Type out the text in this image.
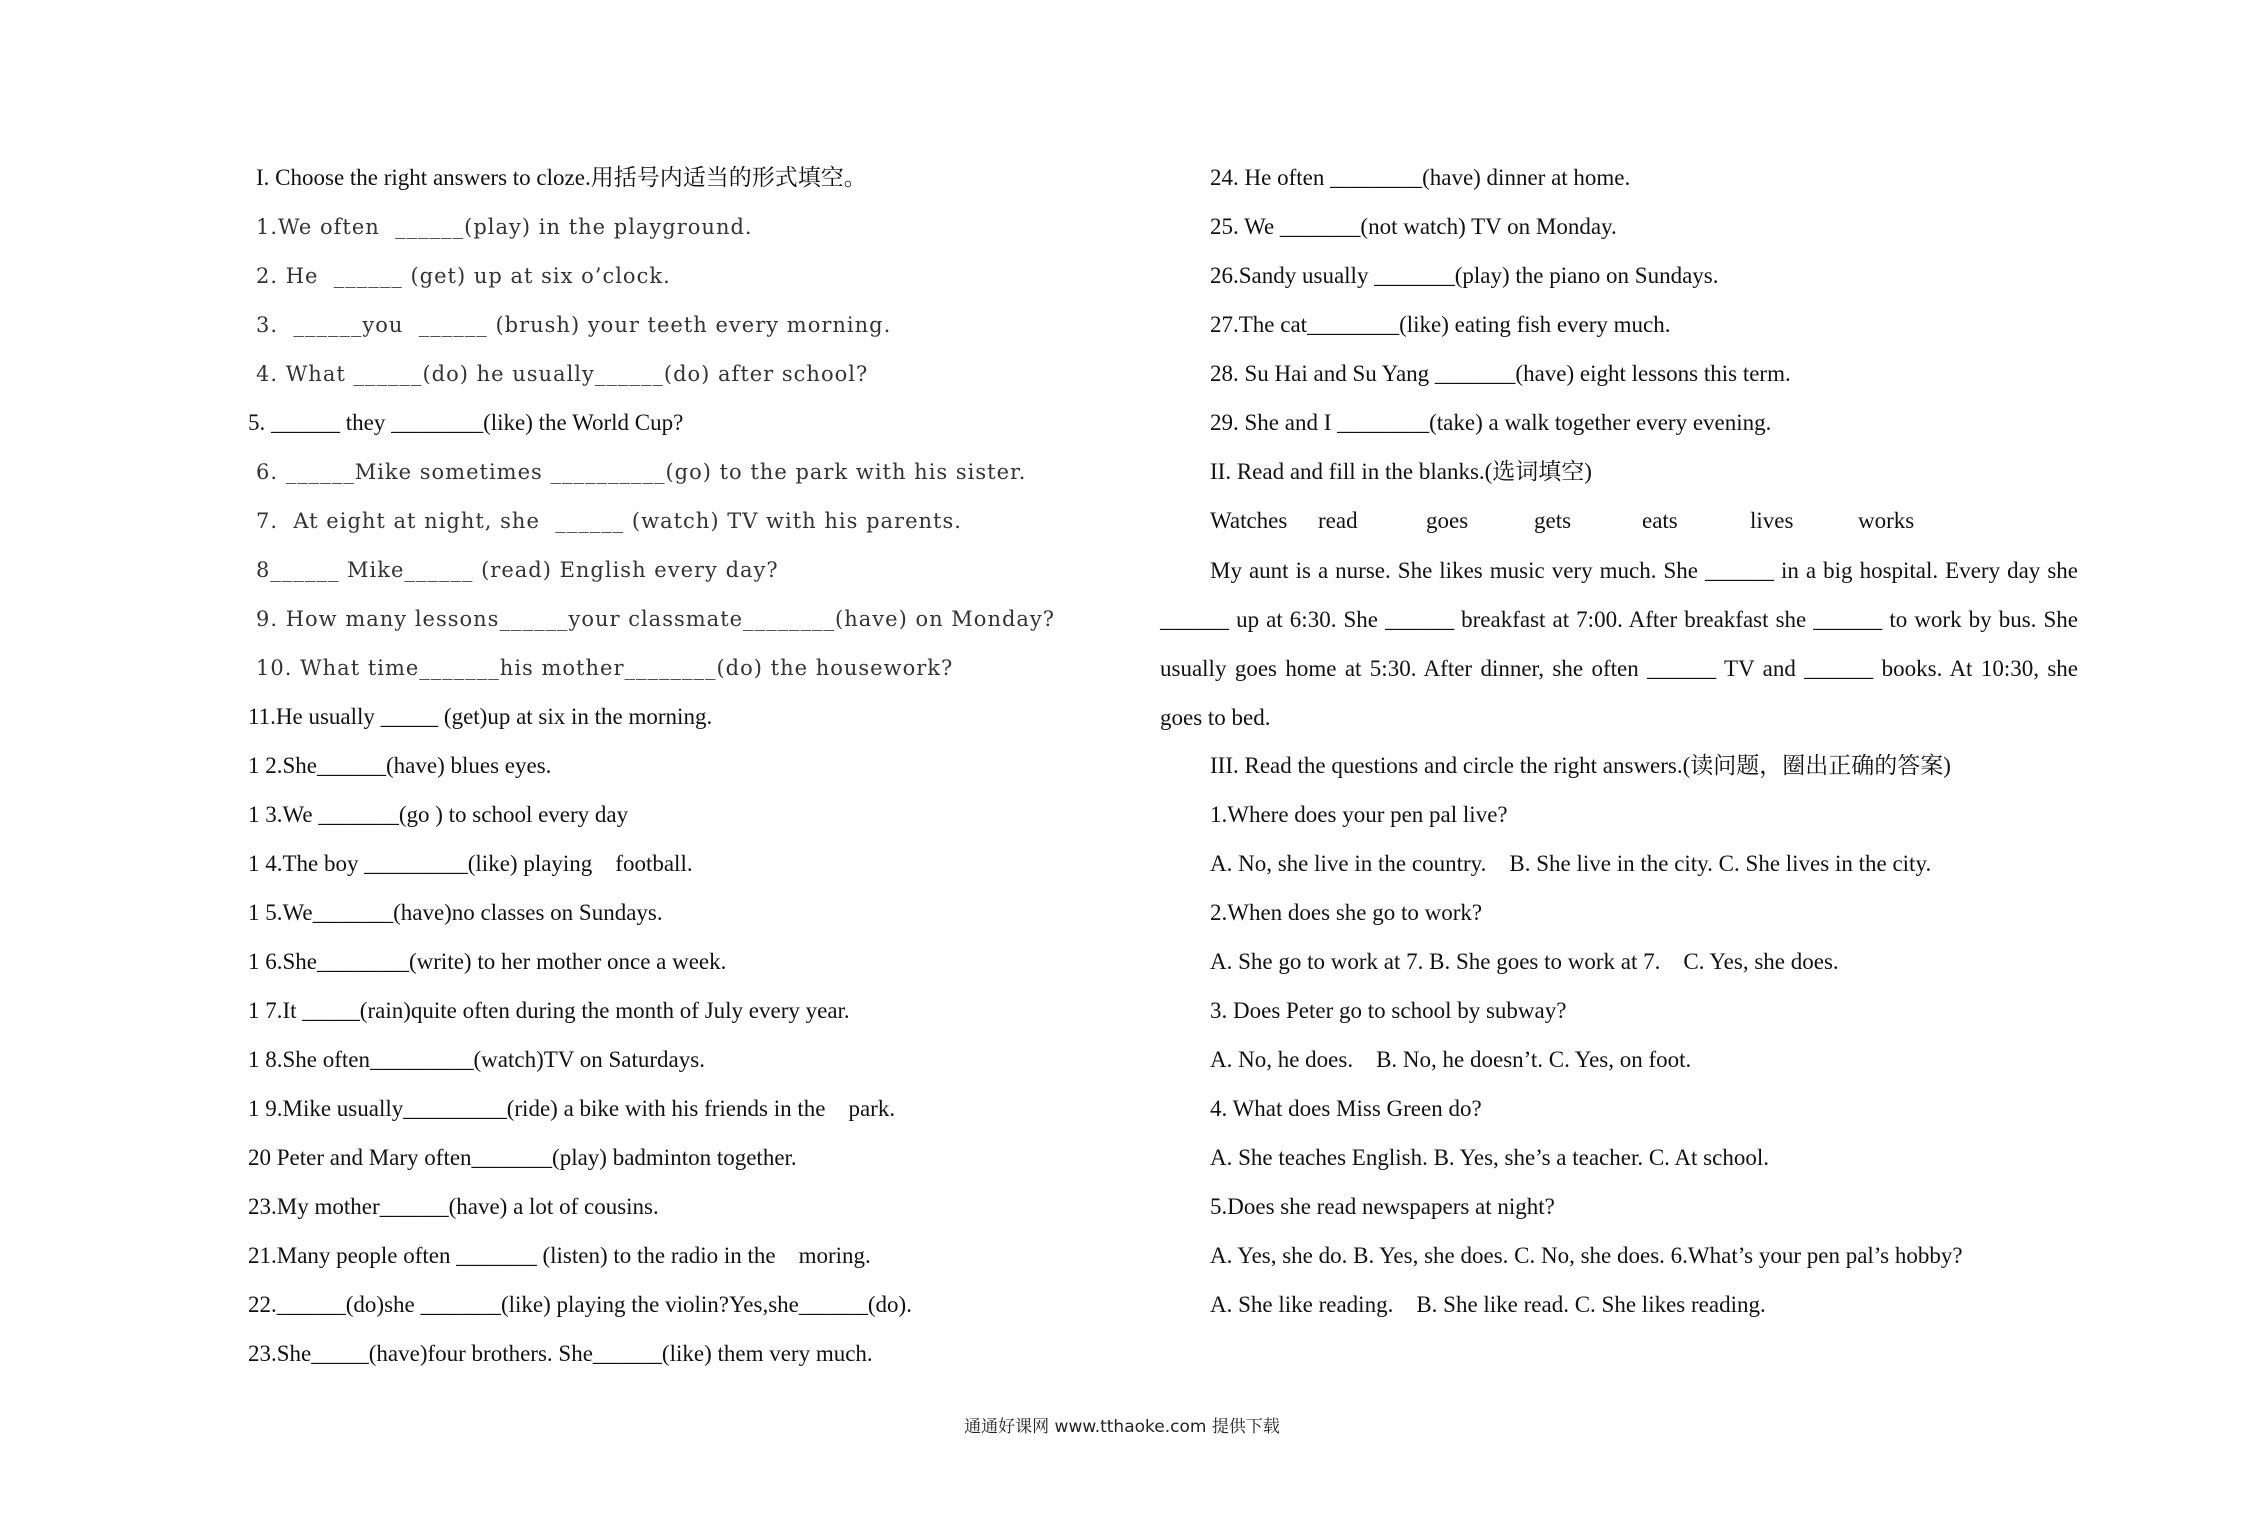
I. Choose the right answers to cloze.用括号内适当的形式填空。
1.We often  ______(play) in the playground.
2. He  ______ (get) up at six o’clock.
3.  ______you  ______ (brush) your teeth every morning.
4. What ______(do) he usually______(do) after school?
5. ______ they ________(like) the World Cup?
6. ______Mike sometimes __________(go) to the park with his sister.
7.  At eight at night, she  ______ (watch) TV with his parents.
8______ Mike______ (read) English every day?
9. How many lessons______your classmate________(have) on Monday?
10. What time_______his mother________(do) the housework?
11.He usually _____ (get)up at six in the morning.
1 2.She______(have) blues eyes.
1 3.We _______(go ) to school every day
1 4.The boy _________(like) playing    football.
1 5.We_______(have)no classes on Sundays.
1 6.She________(write) to her mother once a week.
1 7.It _____(rain)quite often during the month of July every year.
1 8.She often_________(watch)TV on Saturdays.
1 9.Mike usually_________(ride) a bike with his friends in the    park.
20 Peter and Mary often_______(play) badminton together.
23.My mother______(have) a lot of cousins.
21.Many people often _______ (listen) to the radio in the    moring.
22.______(do)she _______(like) playing the violin?Yes,she______(do).
23.She_____(have)four brothers. She______(like) them very much.
24. He often ________(have) dinner at home.
25. We _______(not watch) TV on Monday.
26.Sandy usually _______(play) the piano on Sundays.
27.The cat________(like) eating fish every much.
28. Su Hai and Su Yang _______(have) eight lessons this term.
29. She and I ________(take) a walk together every evening.
II. Read and fill in the blanks.(选词填空)
Watches	read	goes	gets	eats	lives	works
My aunt is a nurse. She likes music very much. She ______ in a big hospital. Every day she ______ up at 6:30. She ______ breakfast at 7:00. After breakfast she ______ to work by bus. She usually goes home at 5:30. After dinner, she often ______ TV and ______ books. At 10:30, she goes to bed.
III. Read the questions and circle the right answers.(读问题，圈出正确的答案)
1.Where does your pen pal live?
A. No, she live in the country.    B. She live in the city. C. She lives in the city.
2.When does she go to work?
A. She go to work at 7. B. She goes to work at 7.    C. Yes, she does.
3. Does Peter go to school by subway?
A. No, he does.    B. No, he doesn’t. C. Yes, on foot.
4. What does Miss Green do?
A. She teaches English. B. Yes, she’s a teacher. C. At school.
5.Does she read newspapers at night?
A. Yes, she do. B. Yes, she does. C. No, she does. 6.What’s your pen pal’s hobby?
A. She like reading.    B. She like read. C. She likes reading.
通通好课网 www.tthaoke.com 提供下载
